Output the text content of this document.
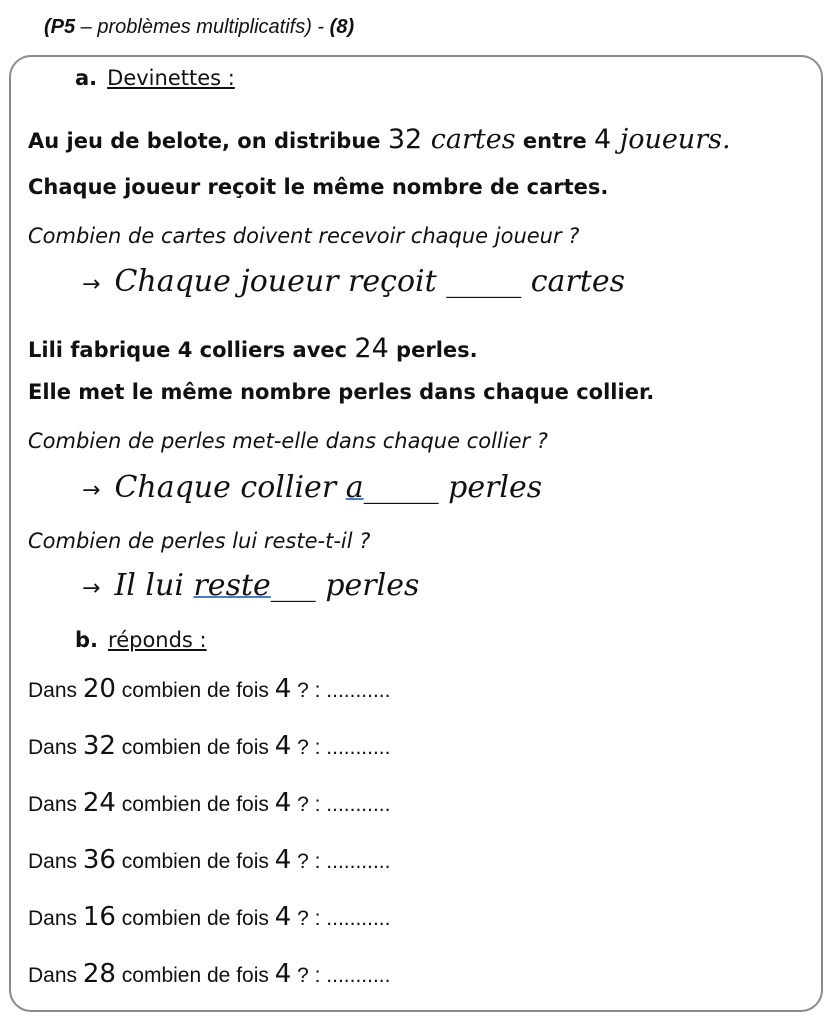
(P5 – problèmes multiplicatifs) - (8)
a. Devinettes :
Au jeu de belote, on distribue 32 cartes entre 4 joueurs.
Chaque joueur reçoit le même nombre de cartes.
Combien de cartes doivent recevoir chaque joueur ?
→ Chaque joueur reçoit _____ cartes
Lili fabrique 4 colliers avec 24 perles.
Elle met le même nombre perles dans chaque collier.
Combien de perles met-elle dans chaque collier ?
→ Chaque collier a_____ perles
Combien de perles lui reste-t-il ?
→ Il lui reste___ perles
b. réponds :
Dans 20 combien de fois 4 ? : ...........
Dans 32 combien de fois 4 ? : ...........
Dans 24 combien de fois 4 ? : ...........
Dans 36 combien de fois 4 ? : ...........
Dans 16 combien de fois 4 ? : ...........
Dans 28 combien de fois 4 ? : ...........
